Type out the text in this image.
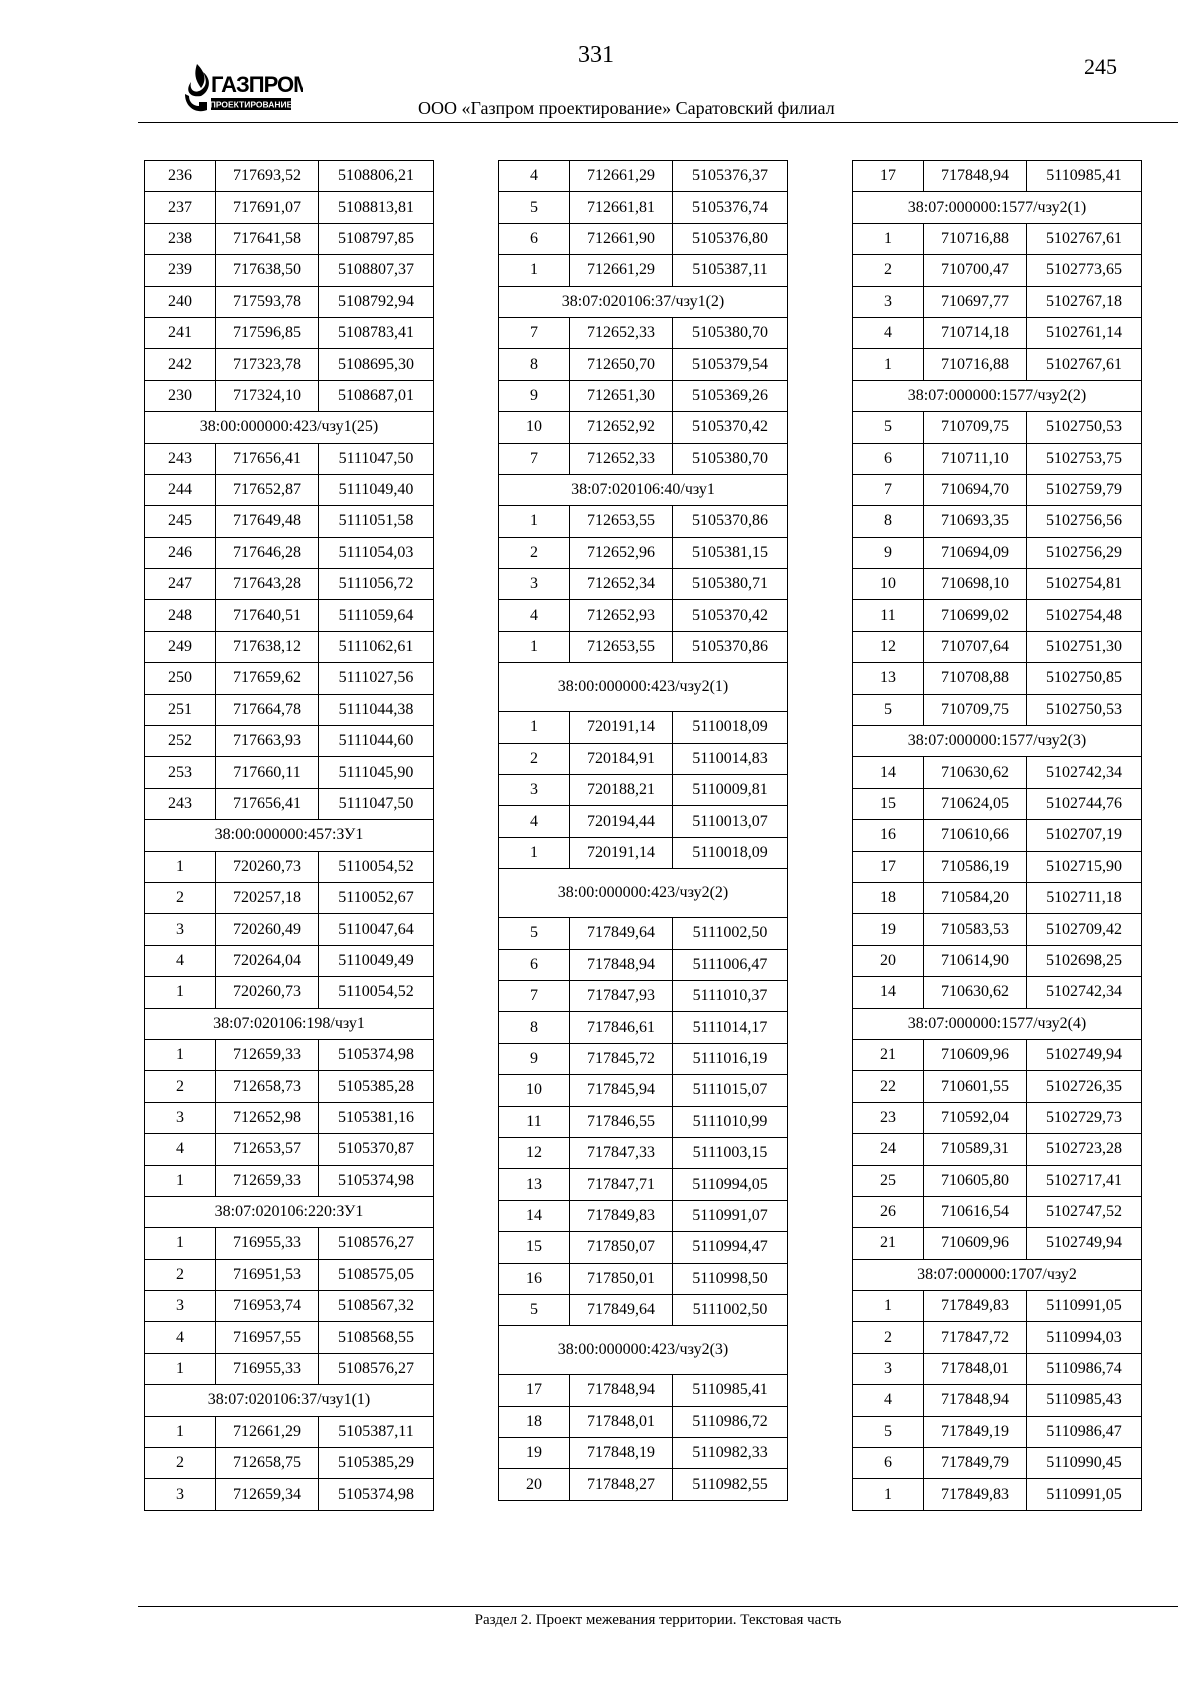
331	245
ГАЗПРОМ
ПРОЕКТИРОВАНИЕ	ООО «Газпром проектирование» Саратовский филиал
236	717693,52	5108806,21
237	717691,07	5108813,81
238	717641,58	5108797,85
239	717638,50	5108807,37
240	717593,78	5108792,94
241	717596,85	5108783,41
242	717323,78	5108695,30
230	717324,10	5108687,01
38:00:000000:423/чзу1(25)		
243	717656,41	5111047,50
244	717652,87	5111049,40
245	717649,48	5111051,58
246	717646,28	5111054,03
247	717643,28	5111056,72
248	717640,51	5111059,64
249	717638,12	5111062,61
250	717659,62	5111027,56
251	717664,78	5111044,38
252	717663,93	5111044,60
253	717660,11	5111045,90
243	717656,41	5111047,50
38:00:000000:457:ЗУ1		
1	720260,73	5110054,52
2	720257,18	5110052,67
3	720260,49	5110047,64
4	720264,04	5110049,49
1	720260,73	5110054,52
38:07:020106:198/чзу1		
1	712659,33	5105374,98
2	712658,73	5105385,28
3	712652,98	5105381,16
4	712653,57	5105370,87
1	712659,33	5105374,98
38:07:020106:220:ЗУ1		
1	716955,33	5108576,27
2	716951,53	5108575,05
3	716953,74	5108567,32
4	716957,55	5108568,55
1	716955,33	5108576,27
38:07:020106:37/чзу1(1)		
1	712661,29	5105387,11
2	712658,75	5105385,29
3	712659,34	5105374,98
4	712661,29	5105376,37
5	712661,81	5105376,74
6	712661,90	5105376,80
1	712661,29	5105387,11
38:07:020106:37/чзу1(2)		
7	712652,33	5105380,70
8	712650,70	5105379,54
9	712651,30	5105369,26
10	712652,92	5105370,42
7	712652,33	5105380,70
38:07:020106:40/чзу1		
1	712653,55	5105370,86
2	712652,96	5105381,15
3	712652,34	5105380,71
4	712652,93	5105370,42
1	712653,55	5105370,86
38:00:000000:423/чзу2(1)		
1	720191,14	5110018,09
2	720184,91	5110014,83
3	720188,21	5110009,81
4	720194,44	5110013,07
1	720191,14	5110018,09
38:00:000000:423/чзу2(2)		
5	717849,64	5111002,50
6	717848,94	5111006,47
7	717847,93	5111010,37
8	717846,61	5111014,17
9	717845,72	5111016,19
10	717845,94	5111015,07
11	717846,55	5111010,99
12	717847,33	5111003,15
13	717847,71	5110994,05
14	717849,83	5110991,07
15	717850,07	5110994,47
16	717850,01	5110998,50
5	717849,64	5111002,50
38:00:000000:423/чзу2(3)		
17	717848,94	5110985,41
18	717848,01	5110986,72
19	717848,19	5110982,33
20	717848,27	5110982,55
17	717848,94	5110985,41
38:07:000000:1577/чзу2(1)		
1	710716,88	5102767,61
2	710700,47	5102773,65
3	710697,77	5102767,18
4	710714,18	5102761,14
1	710716,88	5102767,61
38:07:000000:1577/чзу2(2)		
5	710709,75	5102750,53
6	710711,10	5102753,75
7	710694,70	5102759,79
8	710693,35	5102756,56
9	710694,09	5102756,29
10	710698,10	5102754,81
11	710699,02	5102754,48
12	710707,64	5102751,30
13	710708,88	5102750,85
5	710709,75	5102750,53
38:07:000000:1577/чзу2(3)		
14	710630,62	5102742,34
15	710624,05	5102744,76
16	710610,66	5102707,19
17	710586,19	5102715,90
18	710584,20	5102711,18
19	710583,53	5102709,42
20	710614,90	5102698,25
14	710630,62	5102742,34
38:07:000000:1577/чзу2(4)		
21	710609,96	5102749,94
22	710601,55	5102726,35
23	710592,04	5102729,73
24	710589,31	5102723,28
25	710605,80	5102717,41
26	710616,54	5102747,52
21	710609,96	5102749,94
38:07:000000:1707/чзу2		
1	717849,83	5110991,05
2	717847,72	5110994,03
3	717848,01	5110986,74
4	717848,94	5110985,43
5	717849,19	5110986,47
6	717849,79	5110990,45
1	717849,83	5110991,05
Раздел 2. Проект межевания территории. Текстовая часть
